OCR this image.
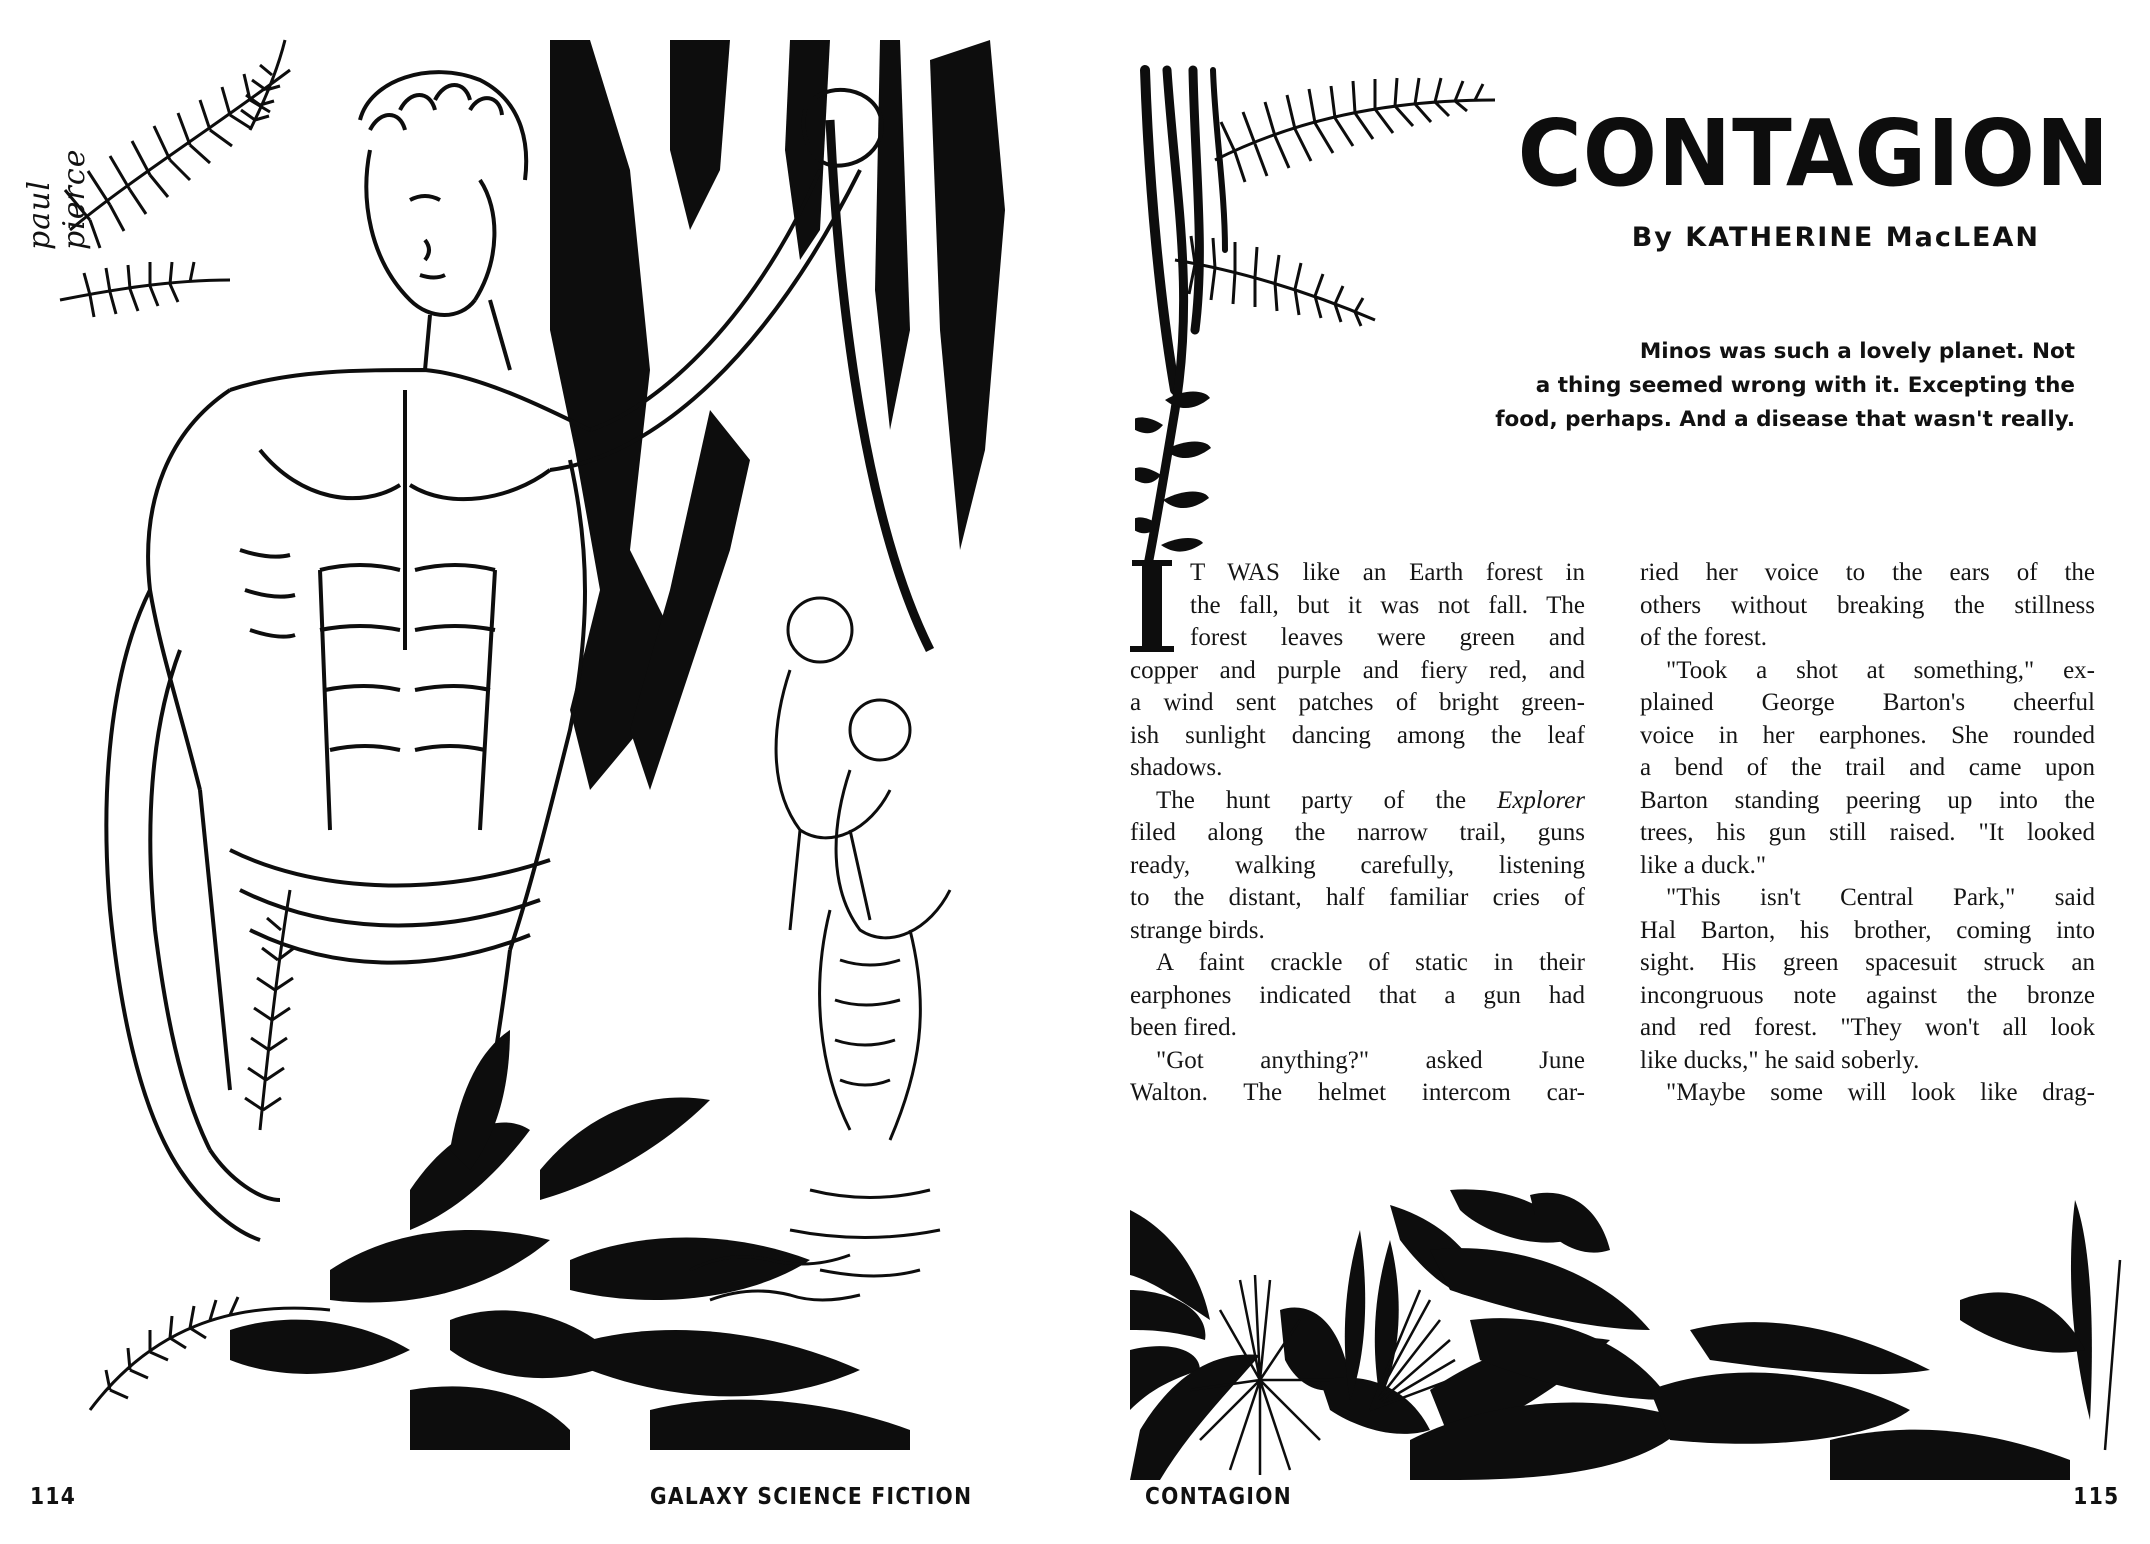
paul pierce
114	GALAXY SCIENCE FICTION
CONTAGION
By KATHERINE MacLEAN
Minos was such a lovely planet. Not
a thing seemed wrong with it. Excepting the
food, perhaps. And a disease that wasn't really.
T WAS like an Earth forest in
the fall, but it was not fall. The
forest leaves were green and
copper and purple and fiery red, and
a wind sent patches of bright green-
ish sunlight dancing among the leaf
shadows.
The hunt party of the Explorer
filed along the narrow trail, guns
ready, walking carefully, listening
to the distant, half familiar cries of
strange birds.
A faint crackle of static in their
earphones indicated that a gun had
been fired.
"Got anything?" asked June
Walton. The helmet intercom car-
ried her voice to the ears of the
others without breaking the stillness
of the forest.
"Took a shot at something," ex-
plained George Barton's cheerful
voice in her earphones. She rounded
a bend of the trail and came upon
Barton standing peering up into the
trees, his gun still raised. "It looked
like a duck."
"This isn't Central Park," said
Hal Barton, his brother, coming into
sight. His green spacesuit struck an
incongruous note against the bronze
and red forest. "They won't all look
like ducks," he said soberly.
"Maybe some will look like drag-
CONTAGION	115
